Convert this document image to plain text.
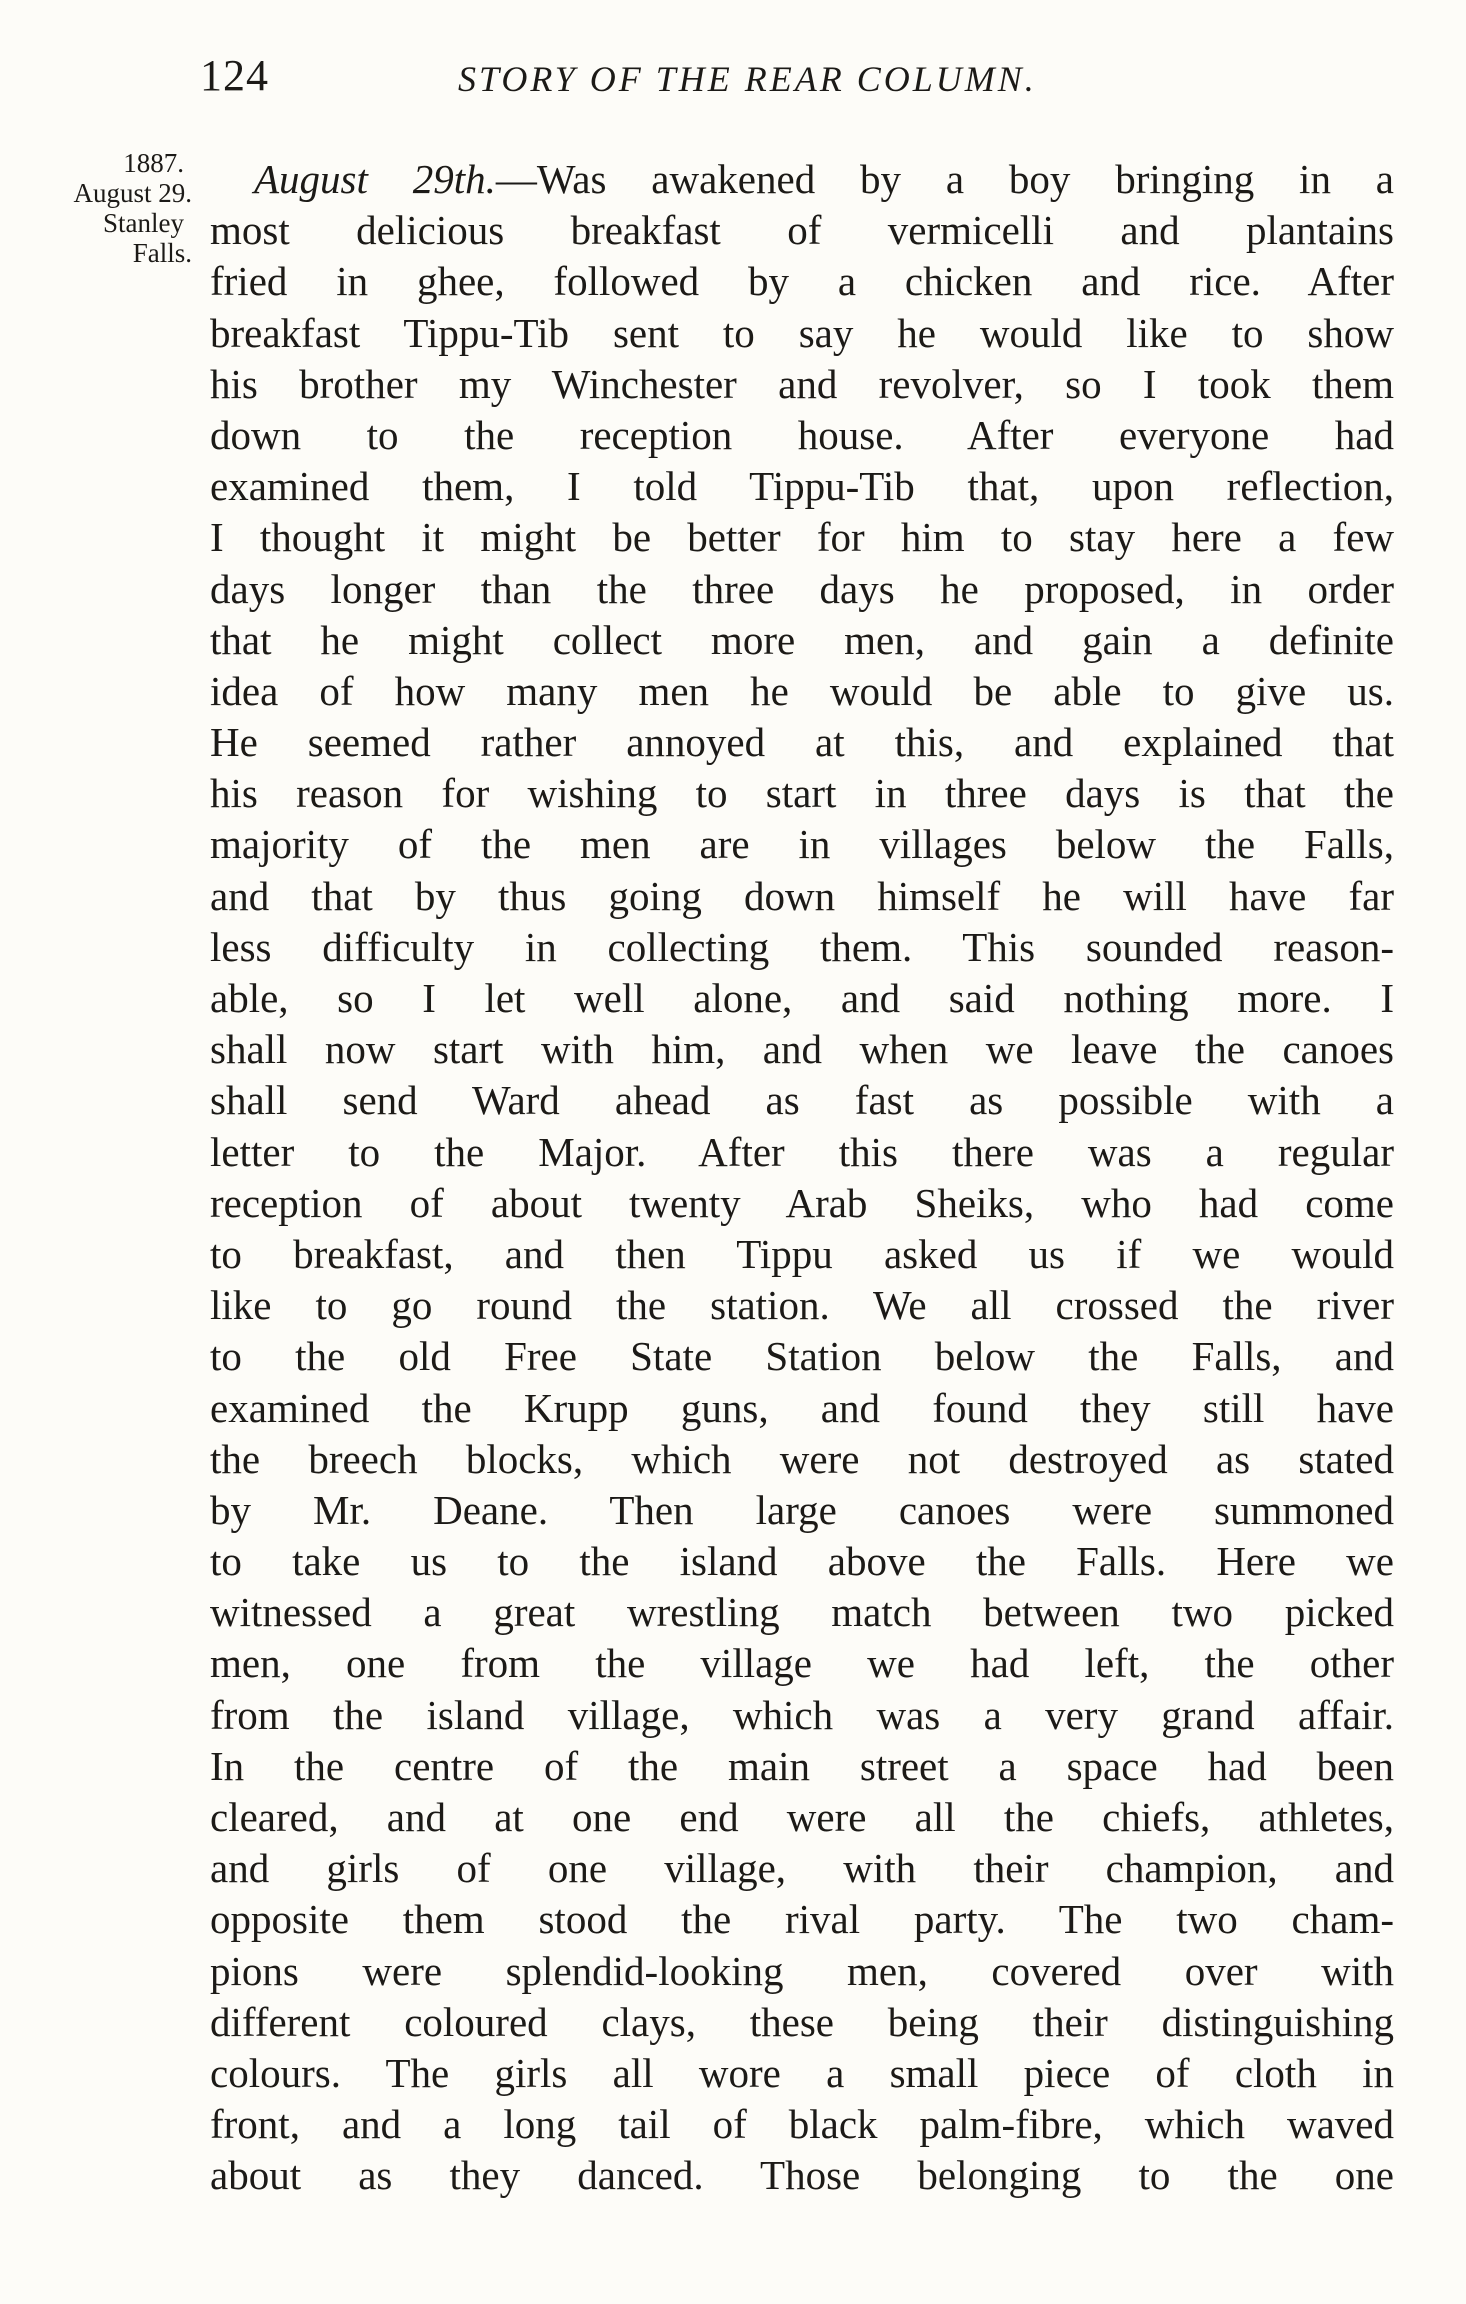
124	STORY OF THE REAR COLUMN.
1887.
August 29.
Stanley
Falls.
August 29th.—Was awakened by a boy bringing in a
most delicious breakfast of vermicelli and plantains
fried in ghee, followed by a chicken and rice. After
breakfast Tippu-Tib sent to say he would like to show
his brother my Winchester and revolver, so I took them
down to the reception house. After everyone had
examined them, I told Tippu-Tib that, upon reflection,
I thought it might be better for him to stay here a few
days longer than the three days he proposed, in order
that he might collect more men, and gain a definite
idea of how many men he would be able to give us.
He seemed rather annoyed at this, and explained that
his reason for wishing to start in three days is that the
majority of the men are in villages below the Falls,
and that by thus going down himself he will have far
less difficulty in collecting them. This sounded reason-
able, so I let well alone, and said nothing more. I
shall now start with him, and when we leave the canoes
shall send Ward ahead as fast as possible with a
letter to the Major. After this there was a regular
reception of about twenty Arab Sheiks, who had come
to breakfast, and then Tippu asked us if we would
like to go round the station. We all crossed the river
to the old Free State Station below the Falls, and
examined the Krupp guns, and found they still have
the breech blocks, which were not destroyed as stated
by Mr. Deane. Then large canoes were summoned
to take us to the island above the Falls. Here we
witnessed a great wrestling match between two picked
men, one from the village we had left, the other
from the island village, which was a very grand affair.
In the centre of the main street a space had been
cleared, and at one end were all the chiefs, athletes,
and girls of one village, with their champion, and
opposite them stood the rival party. The two cham-
pions were splendid-looking men, covered over with
different coloured clays, these being their distinguishing
colours. The girls all wore a small piece of cloth in
front, and a long tail of black palm-fibre, which waved
about as they danced. Those belonging to the one
